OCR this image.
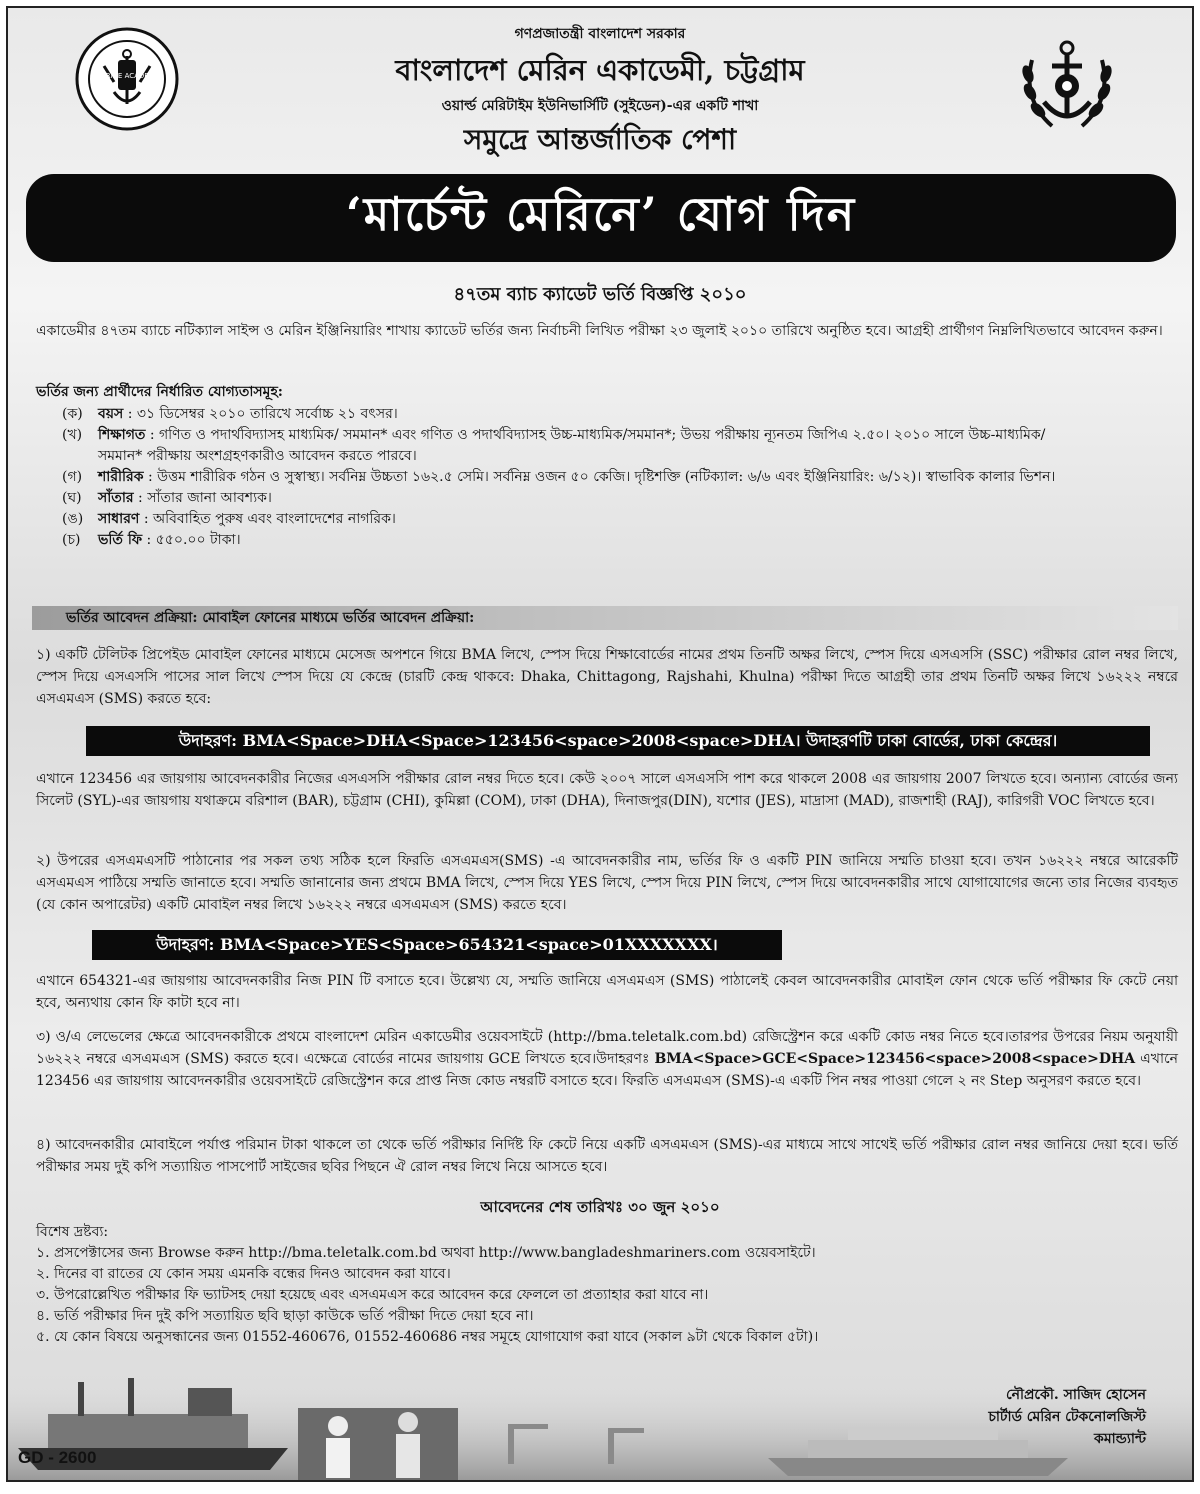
MARINE ACADEMY
গণপ্রজাতন্ত্রী বাংলাদেশ সরকার
বাংলাদেশ মেরিন একাডেমী, চট্টগ্রাম
ওয়ার্ল্ড মেরিটাইম ইউনিভার্সিটি (সুইডেন)-এর একটি শাখা
সমুদ্রে আন্তর্জাতিক পেশা
‘মার্চেন্ট মেরিনে’ যোগ দিন
৪৭তম ব্যাচ ক্যাডেট ভর্তি বিজ্ঞপ্তি ২০১০
একাডেমীর ৪৭তম ব্যাচে নটিক্যাল সাইন্স ও মেরিন ইঞ্জিনিয়ারিং শাখায় ক্যাডেট ভর্তির জন্য নির্বাচনী লিখিত পরীক্ষা ২৩ জুলাই ২০১০ তারিখে অনুষ্ঠিত হবে। আগ্রহী প্রার্থীগণ নিম্নলিখিতভাবে আবেদন করুন।
ভর্তির জন্য প্রার্থীদের নির্ধারিত যোগ্যতাসমূহ:
(ক)	বয়স : ৩১ ডিসেম্বর ২০১০ তারিখে সর্বোচ্চ ২১ বৎসর।
(খ)	শিক্ষাগত : গণিত ও পদার্থবিদ্যাসহ মাধ্যমিক/ সমমান* এবং গণিত ও পদার্থবিদ্যাসহ উচ্চ-মাধ্যমিক/সমমান*; উভয় পরীক্ষায় ন্যূনতম জিপিএ ২.৫০। ২০১০ সালে উচ্চ-মাধ্যমিক/সমমান* পরীক্ষায় অংশগ্রহণকারীও আবেদন করতে পারবে।
(গ)	শারীরিক : উত্তম শারীরিক গঠন ও সুস্বাস্থ্য। সর্বনিম্ন উচ্চতা ১৬২.৫ সেমি। সর্বনিম্ন ওজন ৫০ কেজি। দৃষ্টিশক্তি (নটিক্যাল: ৬/৬ এবং ইঞ্জিনিয়ারিং: ৬/১২)। স্বাভাবিক কালার ভিশন।
(ঘ)	সাঁতার : সাঁতার জানা আবশ্যক।
(ঙ)	সাধারণ : অবিবাহিত পুরুষ এবং বাংলাদেশের নাগরিক।
(চ)	ভর্তি ফি : ৫৫০.০০ টাকা।
ভর্তির আবেদন প্রক্রিয়া: মোবাইল ফোনের মাধ্যমে ভর্তির আবেদন প্রক্রিয়া:
১) একটি টেলিটক প্রিপেইড মোবাইল ফোনের মাধ্যমে মেসেজ অপশনে গিয়ে BMA লিখে, স্পেস দিয়ে শিক্ষাবোর্ডের নামের প্রথম তিনটি অক্ষর লিখে, স্পেস দিয়ে এসএসসি (SSC) পরীক্ষার রোল নম্বর লিখে, স্পেস দিয়ে এসএসসি পাসের সাল লিখে স্পেস দিয়ে যে কেন্দ্রে (চারটি কেন্দ্র থাকবে: Dhaka, Chittagong, Rajshahi, Khulna) পরীক্ষা দিতে আগ্রহী তার প্রথম তিনটি অক্ষর লিখে ১৬২২২ নম্বরে এসএমএস (SMS) করতে হবে:
উদাহরণ: BMA<Space>DHA<Space>123456<space>2008<space>DHA। উদাহরণটি ঢাকা বোর্ডের, ঢাকা কেন্দ্রের।
এখানে 123456 এর জায়গায় আবেদনকারীর নিজের এসএসসি পরীক্ষার রোল নম্বর দিতে হবে। কেউ ২০০৭ সালে এসএসসি পাশ করে থাকলে 2008 এর জায়গায় 2007 লিখতে হবে। অন্যান্য বোর্ডের জন্য সিলেট (SYL)-এর জায়গায় যথাক্রমে বরিশাল (BAR), চট্টগ্রাম (CHI), কুমিল্লা (COM), ঢাকা (DHA), দিনাজপুর(DIN), যশোর (JES), মাদ্রাসা (MAD), রাজশাহী (RAJ), কারিগরী VOC লিখতে হবে।
২) উপরের এসএমএসটি পাঠানোর পর সকল তথ্য সঠিক হলে ফিরতি এসএমএস(SMS) -এ আবেদনকারীর নাম, ভর্তির ফি ও একটি PIN জানিয়ে সম্মতি চাওয়া হবে। তখন ১৬২২২ নম্বরে আরেকটি এসএমএস পাঠিয়ে সম্মতি জানাতে হবে। সম্মতি জানানোর জন্য প্রথমে BMA লিখে, স্পেস দিয়ে YES লিখে, স্পেস দিয়ে PIN লিখে, স্পেস দিয়ে আবেদনকারীর সাথে যোগাযোগের জন্যে তার নিজের ব্যবহৃত (যে কোন অপারেটর) একটি মোবাইল নম্বর লিখে ১৬২২২ নম্বরে এসএমএস (SMS) করতে হবে।
উদাহরণ: BMA<Space>YES<Space>654321<space>01XXXXXXX।
এখানে 654321-এর জায়গায় আবেদনকারীর নিজ PIN টি বসাতে হবে। উল্লেখ্য যে, সম্মতি জানিয়ে এসএমএস (SMS) পাঠালেই কেবল আবেদনকারীর মোবাইল ফোন থেকে ভর্তি পরীক্ষার ফি কেটে নেয়া হবে, অন্যথায় কোন ফি কাটা হবে না।
৩) ও/এ লেভেলের ক্ষেত্রে আবেদনকারীকে প্রথমে বাংলাদেশ মেরিন একাডেমীর ওয়েবসাইটে (http://bma.teletalk.com.bd) রেজিস্ট্রেশন করে একটি কোড নম্বর নিতে হবে।তারপর উপরের নিয়ম অনুযায়ী ১৬২২২ নম্বরে এসএমএস (SMS) করতে হবে। এক্ষেত্রে বোর্ডের নামের জায়গায় GCE লিখতে হবে।উদাহরণঃ BMA<Space>GCE<Space>123456<space>2008<space>DHA এখানে 123456 এর জায়গায় আবেদনকারীর ওয়েবসাইটে রেজিস্ট্রেশন করে প্রাপ্ত নিজ কোড নম্বরটি বসাতে হবে। ফিরতি এসএমএস (SMS)-এ একটি পিন নম্বর পাওয়া গেলে ২ নং Step অনুসরণ করতে হবে।
৪) আবেদনকারীর মোবাইলে পর্যাপ্ত পরিমান টাকা থাকলে তা থেকে ভর্তি পরীক্ষার নির্দিষ্ট ফি কেটে নিয়ে একটি এসএমএস (SMS)-এর মাধ্যমে সাথে সাথেই ভর্তি পরীক্ষার রোল নম্বর জানিয়ে দেয়া হবে। ভর্তি পরীক্ষার সময় দুই কপি সত্যায়িত পাসপোর্ট সাইজের ছবির পিছনে ঐ রোল নম্বর লিখে নিয়ে আসতে হবে।
আবেদনের শেষ তারিখঃ ৩০ জুন ২০১০
বিশেষ দ্রষ্টব্য:
১. প্রসপেক্টাসের জন্য Browse করুন http://bma.teletalk.com.bd অথবা http://www.bangladeshmariners.com ওয়েবসাইটে।
২. দিনের বা রাতের যে কোন সময় এমনকি বন্ধের দিনও আবেদন করা যাবে।
৩. উপরোল্লেখিত পরীক্ষার ফি ভ্যাটসহ দেয়া হয়েছে এবং এসএমএস করে আবেদন করে ফেললে তা প্রত্যাহার করা যাবে না।
৪. ভর্তি পরীক্ষার দিন দুই কপি সত্যায়িত ছবি ছাড়া কাউকে ভর্তি পরীক্ষা দিতে দেয়া হবে না।
৫. যে কোন বিষয়ে অনুসন্ধানের জন্য 01552-460676, 01552-460686 নম্বর সমূহে যোগাযোগ করা যাবে (সকাল ৯টা থেকে বিকাল ৫টা)।
নৌপ্রকৌ. সাজিদ হোসেন
চার্টার্ড মেরিন টেকনোলজিস্ট
কমান্ড্যান্ট
GD - 2600
